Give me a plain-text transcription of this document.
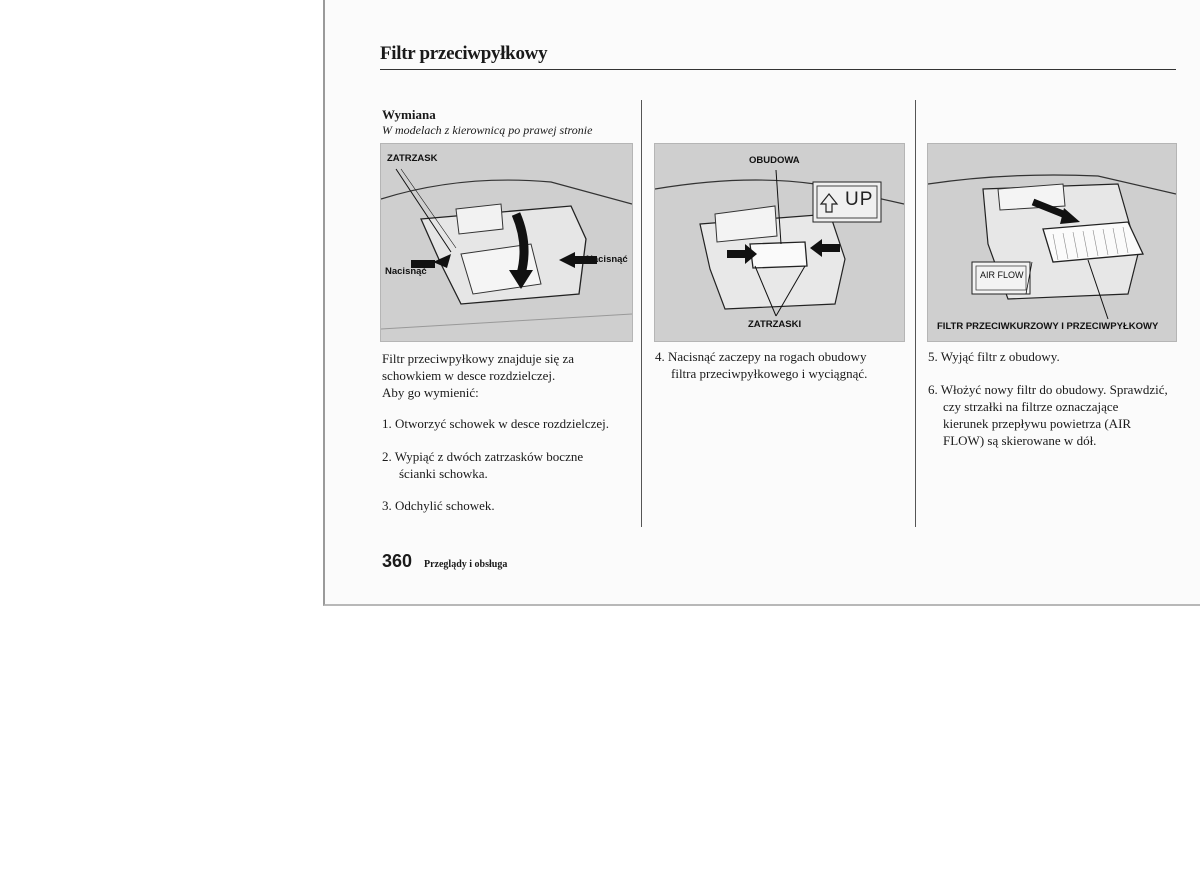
Filtr przeciwpyłkowy
Wymiana
W modelach z kierownicą po prawej stronie
ZATRZASK
Nacisnąć
Nacisnąć
Filtr przeciwpyłkowy znajduje się za
schowkiem w desce rozdzielczej.
Aby go wymienić:
1. Otworzyć schowek w desce rozdzielczej.
2. Wypiąć z dwóch zatrzasków boczne
ścianki schowka.
3. Odchylić schowek.
OBUDOWA
UP
ZATRZASKI
4. Nacisnąć zaczepy na rogach obudowy
filtra przeciwpyłkowego i wyciągnąć.
AIR FLOW
FILTR PRZECIWKURZOWY I PRZECIWPYŁKOWY
5. Wyjąć filtr z obudowy.
6. Włożyć nowy filtr do obudowy. Sprawdzić,
czy strzałki na filtrze oznaczające
kierunek przepływu powietrza (AIR
FLOW) są skierowane w dół.
360 Przeglądy i obsługa
